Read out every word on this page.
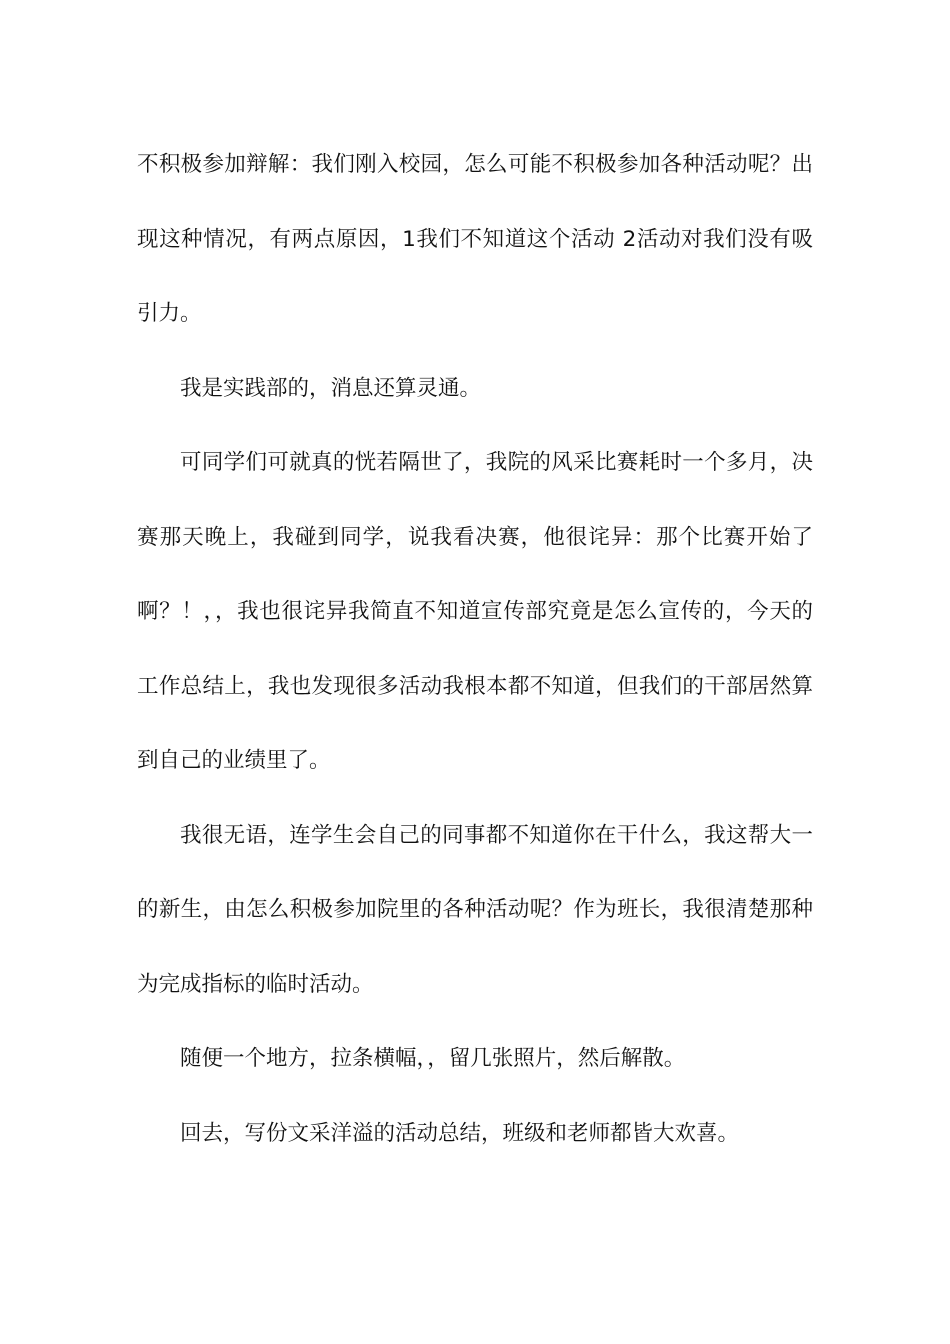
不积极参加辩解：我们刚入校园，怎么可能不积极参加各种活动呢？出现这种情况，有两点原因，1我们不知道这个活动 2活动对我们没有吸引力。

我是实践部的，消息还算灵通。

可同学们可就真的恍若隔世了，我院的风采比赛耗时一个多月，决赛那天晚上，我碰到同学，说我看决赛，他很诧异：那个比赛开始了啊？！，，我也很诧异我简直不知道宣传部究竟是怎么宣传的，今天的工作总结上，我也发现很多活动我根本都不知道，但我们的干部居然算到自己的业绩里了。

我很无语，连学生会自己的同事都不知道你在干什么，我这帮大一的新生，由怎么积极参加院里的各种活动呢？作为班长，我很清楚那种为完成指标的临时活动。

随便一个地方，拉条横幅，，留几张照片，然后解散。

回去，写份文采洋溢的活动总结，班级和老师都皆大欢喜。
